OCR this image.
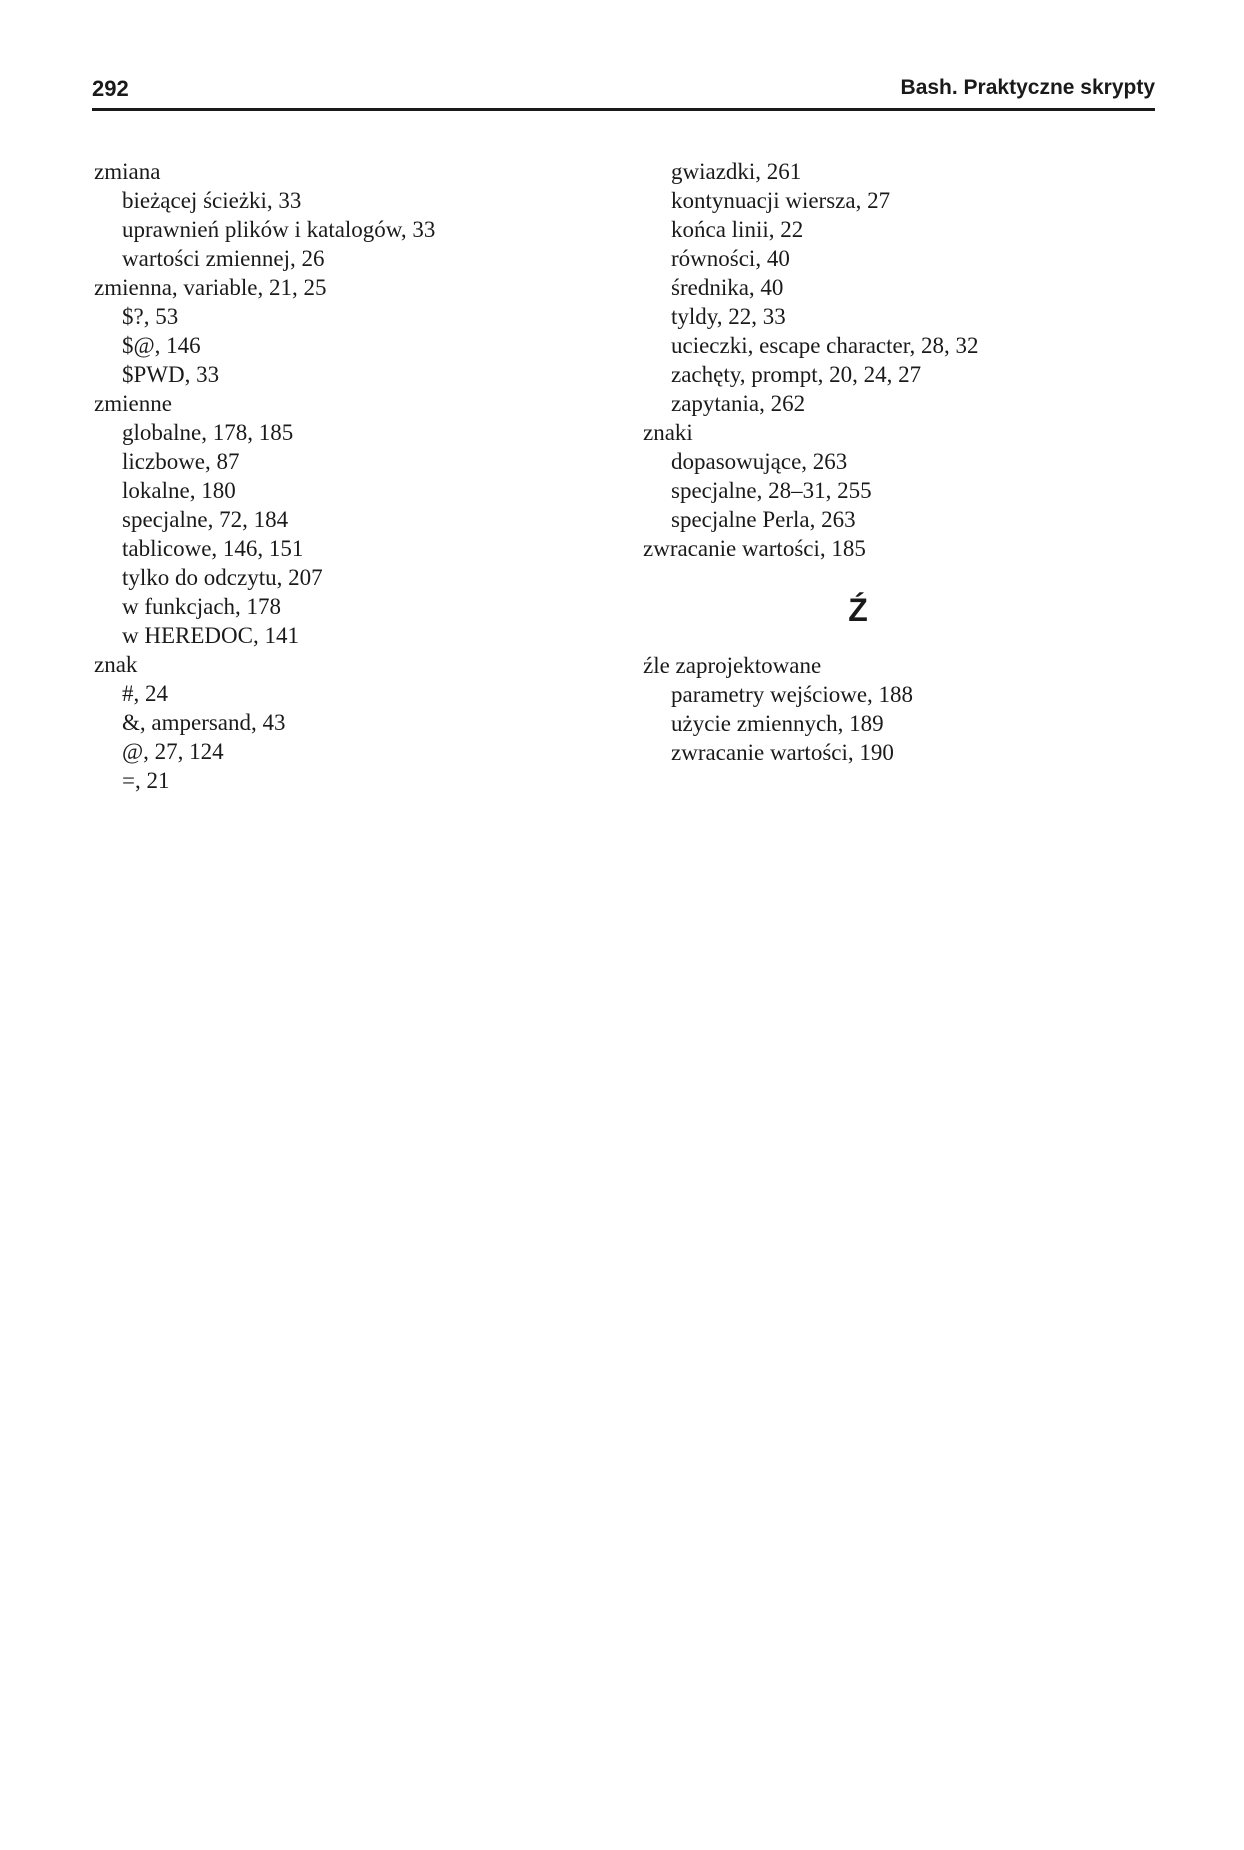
292	Bash. Praktyczne skrypty
zmiana
bieżącej ścieżki, 33
uprawnień plików i katalogów, 33
wartości zmiennej, 26
zmienna, variable, 21, 25
$?, 53
$@, 146
$PWD, 33
zmienne
globalne, 178, 185
liczbowe, 87
lokalne, 180
specjalne, 72, 184
tablicowe, 146, 151
tylko do odczytu, 207
w funkcjach, 178
w HEREDOC, 141
znak
#, 24
&, ampersand, 43
@, 27, 124
=, 21
gwiazdki, 261
kontynuacji wiersza, 27
końca linii, 22
równości, 40
średnika, 40
tyldy, 22, 33
ucieczki, escape character, 28, 32
zachęty, prompt, 20, 24, 27
zapytania, 262
znaki
dopasowujące, 263
specjalne, 28–31, 255
specjalne Perla, 263
zwracanie wartości, 185
Ź
źle zaprojektowane
parametry wejściowe, 188
użycie zmiennych, 189
zwracanie wartości, 190
